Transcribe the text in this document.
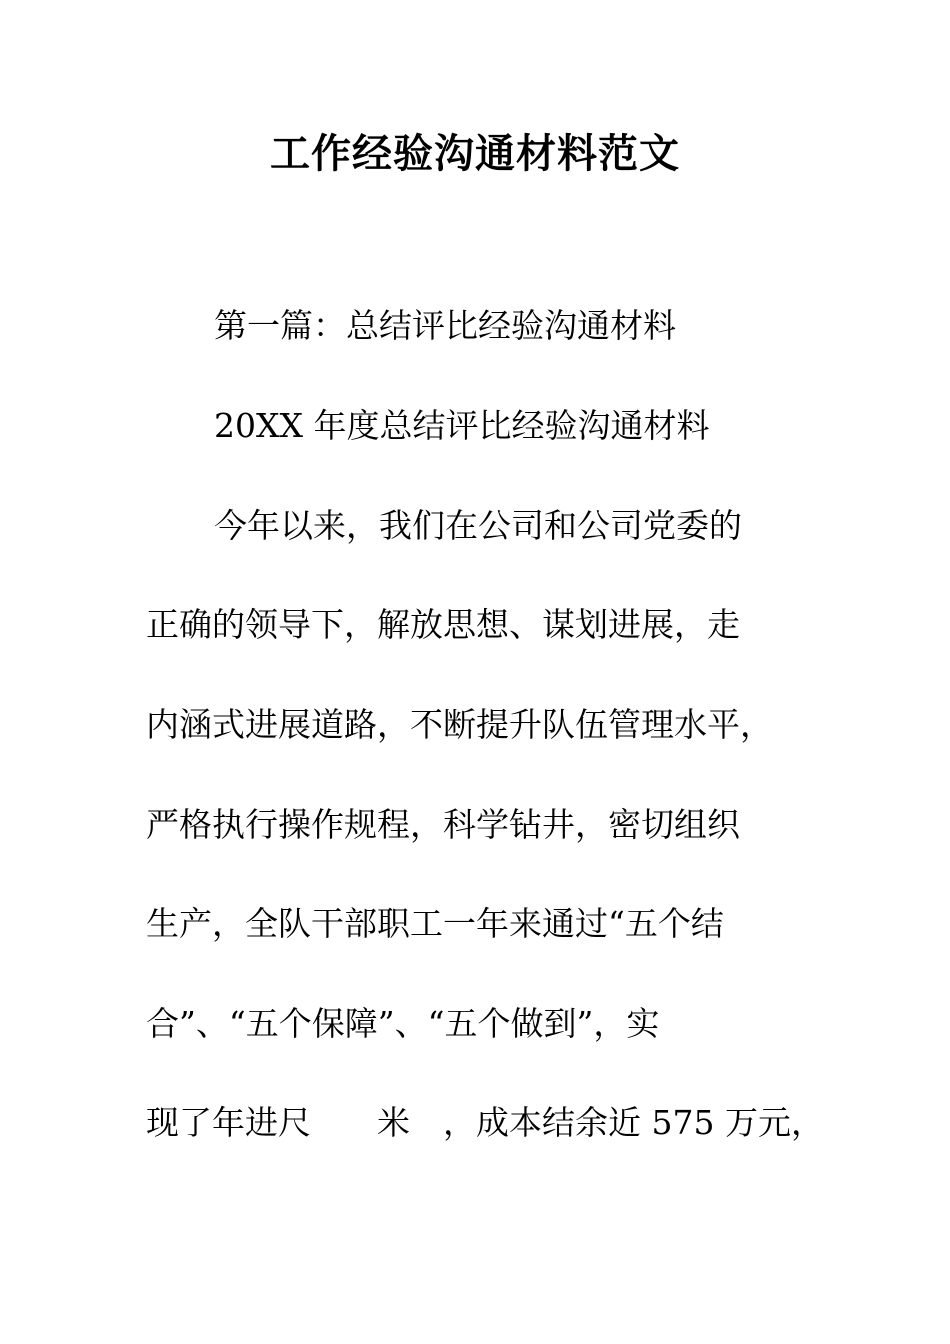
工作经验沟通材料范文
第一篇：总结评比经验沟通材料
20XX 年度总结评比经验沟通材料
今年以来，我们在公司和公司党委的
正确的领导下，解放思想、谋划进展，走
内涵式进展道路，不断提升队伍管理水平，
严格执行操作规程，科学钻井，密切组织
生产，全队干部职工一年来通过“五个结
合”、“五个保障”、“五个做到”，实
现了年进尺　　米　，成本结余近 575 万元，
